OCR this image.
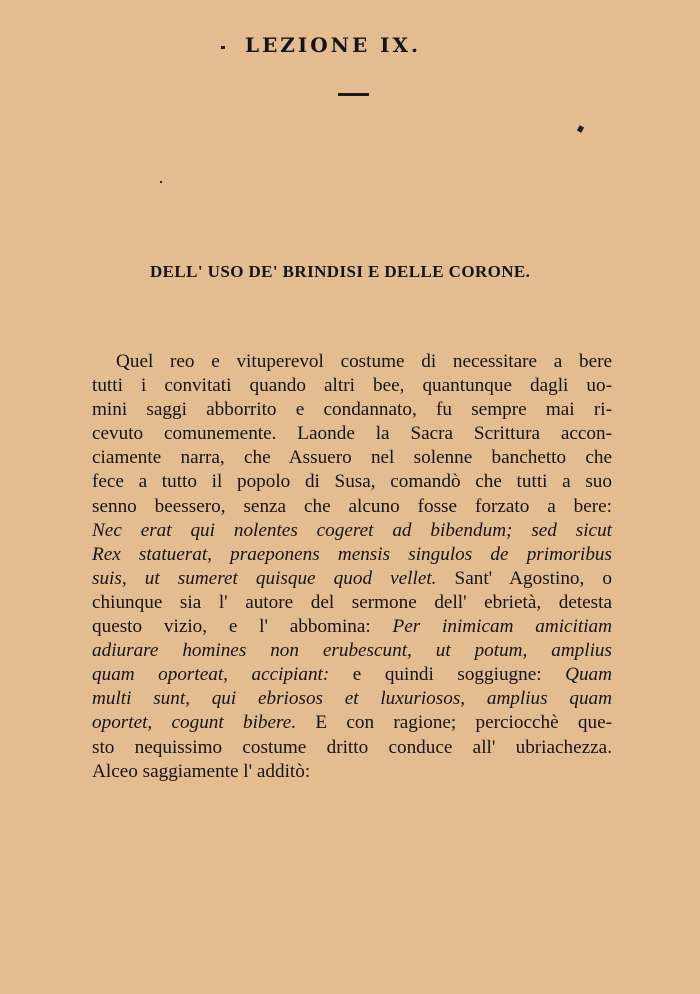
LEZIONE IX.
DELL' USO DE' BRINDISI E DELLE CORONE.
Quel reo e vituperevol costume di necessitare a bere
tutti i convitati quando altri bee, quantunque dagli uo-
mini saggi abborrito e condannato, fu sempre mai ri-
cevuto comunemente. Laonde la Sacra Scrittura accon-
ciamente narra, che Assuero nel solenne banchetto che
fece a tutto il popolo di Susa, comandò che tutti a suo
senno beessero, senza che alcuno fosse forzato a bere:
Nec erat qui nolentes cogeret ad bibendum; sed sicut
Rex statuerat, praeponens mensis singulos de primoribus
suis, ut sumeret quisque quod vellet. Sant' Agostino, o
chiunque sia l' autore del sermone dell' ebrietà, detesta
questo vizio, e l' abbomina: Per inimicam amicitiam
adiurare homines non erubescunt, ut potum, amplius
quam oporteat, accipiant: e quindi soggiugne: Quam
multi sunt, qui ebriosos et luxuriosos, amplius quam
oportet, cogunt bibere. E con ragione; perciocchè que-
sto nequissimo costume dritto conduce all' ubriachezza.
Alceo saggiamente l' additò:
